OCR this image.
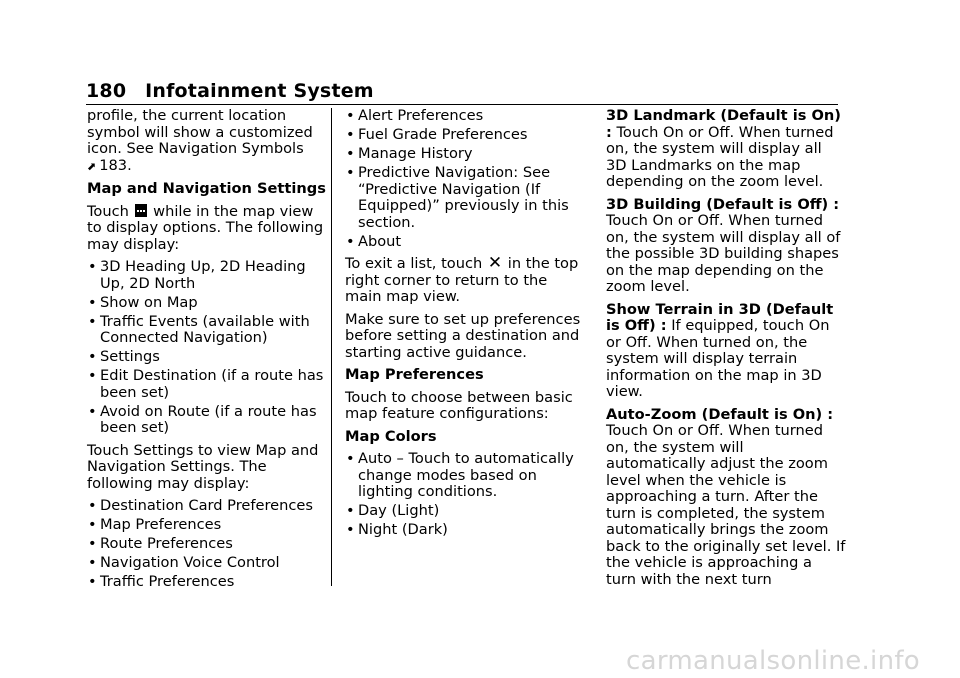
180 Infotainment System

profile, the current location symbol will show a customized icon. See Navigation Symbols
⬈ 183.

Map and Navigation Settings

Touch while in the map view to display options. The following may display:

• 3D Heading Up, 2D Heading Up, 2D North
• Show on Map
• Traffic Events (available with Connected Navigation)
• Settings
• Edit Destination (if a route has been set)
• Avoid on Route (if a route has been set)

Touch Settings to view Map and Navigation Settings. The following may display:

• Destination Card Preferences
• Map Preferences
• Route Preferences
• Navigation Voice Control
• Traffic Preferences
• Alert Preferences
• Fuel Grade Preferences
• Manage History
• Predictive Navigation: See “Predictive Navigation (If Equipped)” previously in this section.
• About

To exit a list, touch ✕ in the top right corner to return to the main map view.

Make sure to set up preferences before setting a destination and starting active guidance.

Map Preferences

Touch to choose between basic map feature configurations:

Map Colors

• Auto – Touch to automatically change modes based on lighting conditions.
• Day (Light)
• Night (Dark)

3D Landmark (Default is On) : Touch On or Off. When turned on, the system will display all 3D Landmarks on the map depending on the zoom level.

3D Building (Default is Off) : Touch On or Off. When turned on, the system will display all of the possible 3D building shapes on the map depending on the zoom level.

Show Terrain in 3D (Default is Off) : If equipped, touch On or Off. When turned on, the system will display terrain information on the map in 3D view.

Auto-Zoom (Default is On) : Touch On or Off. When turned on, the system will automatically adjust the zoom level when the vehicle is approaching a turn. After the turn is completed, the system automatically brings the zoom back to the originally set level. If the vehicle is approaching a turn with the next turn

carmanualsonline.info
